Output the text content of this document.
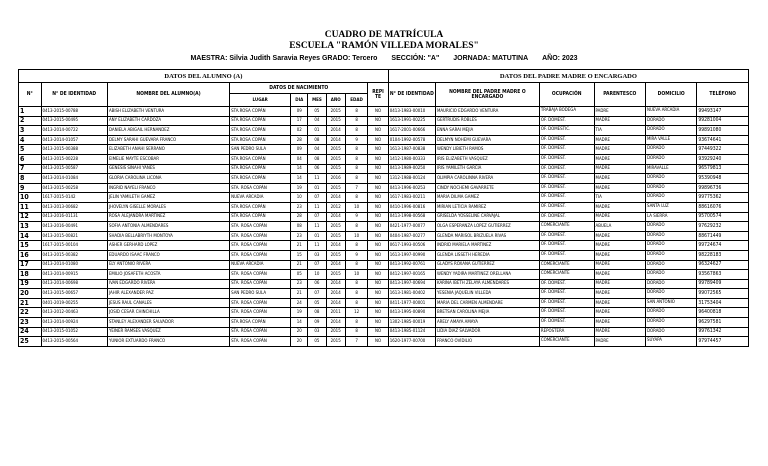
CUADRO DE MATRÍCULA
ESCUELA "RAMÓN VILLEDA MORALES"
MAESTRA: Silvia Judith Saravia Reyes GRADO: Tercero SECCIÓN: "A" JORNADA: MATUTINA AÑO: 2023
DATOS DEL ALUMNO (A)									DATOS DEL PADRE MADRE O ENCARGADO					
N°	N° DE IDENTIDAD	NOMBRE DEL ALUMNO(A)	DATOS DE NACIMIENTO					REPI TE	N° DE IDENTIDAD	NOMBRE DEL PADRE MADRE O ENCARGADO	OCUPACIÓN	PARENTESCO	DOMICILIO	TELÉFONO
			LUGAR	DIA	MES	AÑO	EDAD							
1	0413-2015-00788	ABISH ELIZABETH VENTURA	STA.ROSA COPÁN	09	05	2015	8	NO	0413-1983-00010	MAURICIO EDGARDO VENTURA	TRABAJA BODEGA	PADRE	NUEVA ARCADIA	99493147
2	0413-2015-00495	ANY ELIZABETH CARDOZA	STA.ROSA COPÁN	17	04	2015	8	NO	1613-1991-00225	GERTRUDIS ROBLES	OF. DOMEST.	MADRE	DORADO	99281004
3	0413-2014-00722	DANIELA ABIGAIL HERNANDEZ	STA.ROSA COPÁN	02	01	2014	8	NO	1617-2001-00666	ENNA SARAI MEJIA	OF. DOMESTIC.	TIA	DORADO	99891080
4	0413-2014-01057	DELMY SARAHI GUEVARA FRANCO	STA.ROSA COPÁN	28	08	2014	9	NO	0104-1992-00578	DELMYN NOHEMI GUEVARA	OF. DOMEST.	MADRE	MIRA VALLE	93674641
5	0413-2015-00388	ELIZABETH ANAHI SERRANO	SAN PEDRO SULA	09	04	2015	8	NO	1613-1987-00838	WENDY LIBIETH RAMOS	OF. DOMEST.	MADRE	DORADO	97449322
6	0413-2015-00228	EIMELIE MAYTE ESCOBAR	STA.ROSA COPÁN	04	08	2015	8	NO	1412-1980-00333	IRIS ELIZABETH VASQUEZ	OF. DOMEST.	MADRE	DORADO	93929240
7	0413-2015-00587	GENESIS SINAHI YANES	STA.ROSA COPÁN	14	06	2015	8	NO	0413-1989-00250	IRIS YAMILETH GARCIA	OF. DOMEST.	MADRE	MIRAVALLE	96579813
8	0413-2014-01084	GLORIA CAROLINA LICONA	STA.ROSA COPÁN	14	11	2016	8	NO	1312-1988-00124	OLIMPIA CAROLINNA RIVERA	OF. DOMEST.	MADRE	DORADO	95390948
9	0413-2015-00258	INGRID NAYELI FRANCO	STA. ROSA COPÁN	19	01	2015	7	NO	0413-1996-00253	CINDY NOCHEMI GAVARRETE	OF. DOMEST.	MADRE	DORADO	99896736
10	1617-2015-0142	JELIN YAMILETH GAMEZ	NUEVA ARCADIA	10	07	2014	8	NO	1617-1983-00211	MARIA DILMA GAMEZ	OF. DOMEST.	TIA	DORADO	99775362
11	0413-2013-00682	JHOVELYN GISELLE MORALES	STA.ROSA COPÁN	23	11	2012	10	NO	0410-1996-00816	MIRIAN LETICIA RAMIREZ	OF. DOMEST.	MADRE	SANTA LUZ	88616076
12	0413-2016-01131	ROSA ALEJANDRA MARTINEZ	STA.ROSA COPÁN	28	07	2014	9	NO	0413-1998-00568	GRISELDA YOSSELINE CARVAJAL	OF. DOMEST.	MADRE	LA SIERRA	95700574
13	0413-2016-00491	SOFIA ANTONIA ALMENDARES	STA. ROSA COPÁN	08	11	2015	8	NO	0421-1977-00077	OLGA ESPERANZA LOPEZ GUTIERREZ	COMERCIANTE	ABUELA	DORADO	97629232
14	0413-2015-00821	SHADIA BELLABRIYTH MONTOYA	STA. ROSA COPÁN	23	01	2015	10	NO	0404-1987-00277	GLENDA MARISOL BRIZUELA RIVAS	OF. DOMEST.	MADRE	DORADO	88671449
15	1617-2015-00104	ASHER GERHARD LOPEZ	STA. ROSA COPÁN	21	11	2014	8	NO	0617-1993-00506	INDRID MARIELA MARTINEZ	OF. DOMEST.	MADRE	DORADO	99724674
16	0413-2015-00382	EDUARDO ISAAC FRANCO	STA. ROSA COPÁN	15	03	2015	9	NO	1613-1997-00990	GLENDA LISSETH HEREDIA	OF. DOMEST.	MADRE	DORADO	98228183
17	0413-2014-01080	ELY ANTONIO RIVERA	NUEVA ARCADIA	21	07	2014	8	NO	0413-1992-00761	GLADYS ROXANA GUTIERREZ	COMERCIANTE	MADRE	DORADO	96324627
18	0413-2014-00915	EMILIO JOSAFETH ACOSTA	STA. ROSA COPÁN	05	10	2015	10	NO	0412-1997-00165	WENDY YADIRA MARTINEZ ORELLANA	COMERCIANTE	MADRE	DORADO	93567863
19	0413-2014-00698	IVAN EDGARDO RIVERA	STA. ROSA COPÁN	23	06	2014	8	NO	0413-1997-00694	KARINA IBETH ZELAYA ALMENDARES	OF. DOMEST.	MADRE	DORADO	99789409
20	0413-2015-00657	JAHIR ALEXANDER PAZ	SAN PEDRO SULA	21	07	2014	8	NO	1613-1981-00402	YESENIA JAQUELIN VILLEDA	OF. DOMEST.	MADRE	DORADO	99072565
21	0401-2019-00255	JESUS RAUL CANALES	STA. ROSA COPÁN	24	05	2014	8	NO	0411-1977-00001	MARIA DEL CARMEN ALMENDARE	OF. DOMEST.	MADRE	SAN ANTONIO	31753404
22	0413-2012-00463	JOSID CESAR CHINCHILLA	STA. ROSA COPÁN	19	08	2011	12	NO	0413-1995-00890	BRETSAN CAROLINA MEJIA	OF. DOMEST.	MADRE	DORADO	96400818
23	0413-2014-00924	STANLEY ALEXANDER SALVADOR	STA.ROSA COPÁN	14	09	2014	8	NO	1302-1985-00019	ARELY AMAYA AMAYA	OF. DOMEST.	MADRE	DORADO	96297581
24	0413-2015-01052	YEINER RAMSES VASQUEZ	STA. ROSA COPÁN	20	03	2015	8	NO	0413-1985-01124	LIDIA DIAZ SALVADOR	REPOSTERA	MADRE	DORADO	99761342
25	0413-2015-00564	YUNIOR EXTUARDO FRANCO	STA. ROSA COPÁN	20	05	2015	7	NO	1620-1977-00700	FRANCO OVIDILIO	COMERCIANTE	PADRE	SUYAPA	97974457
